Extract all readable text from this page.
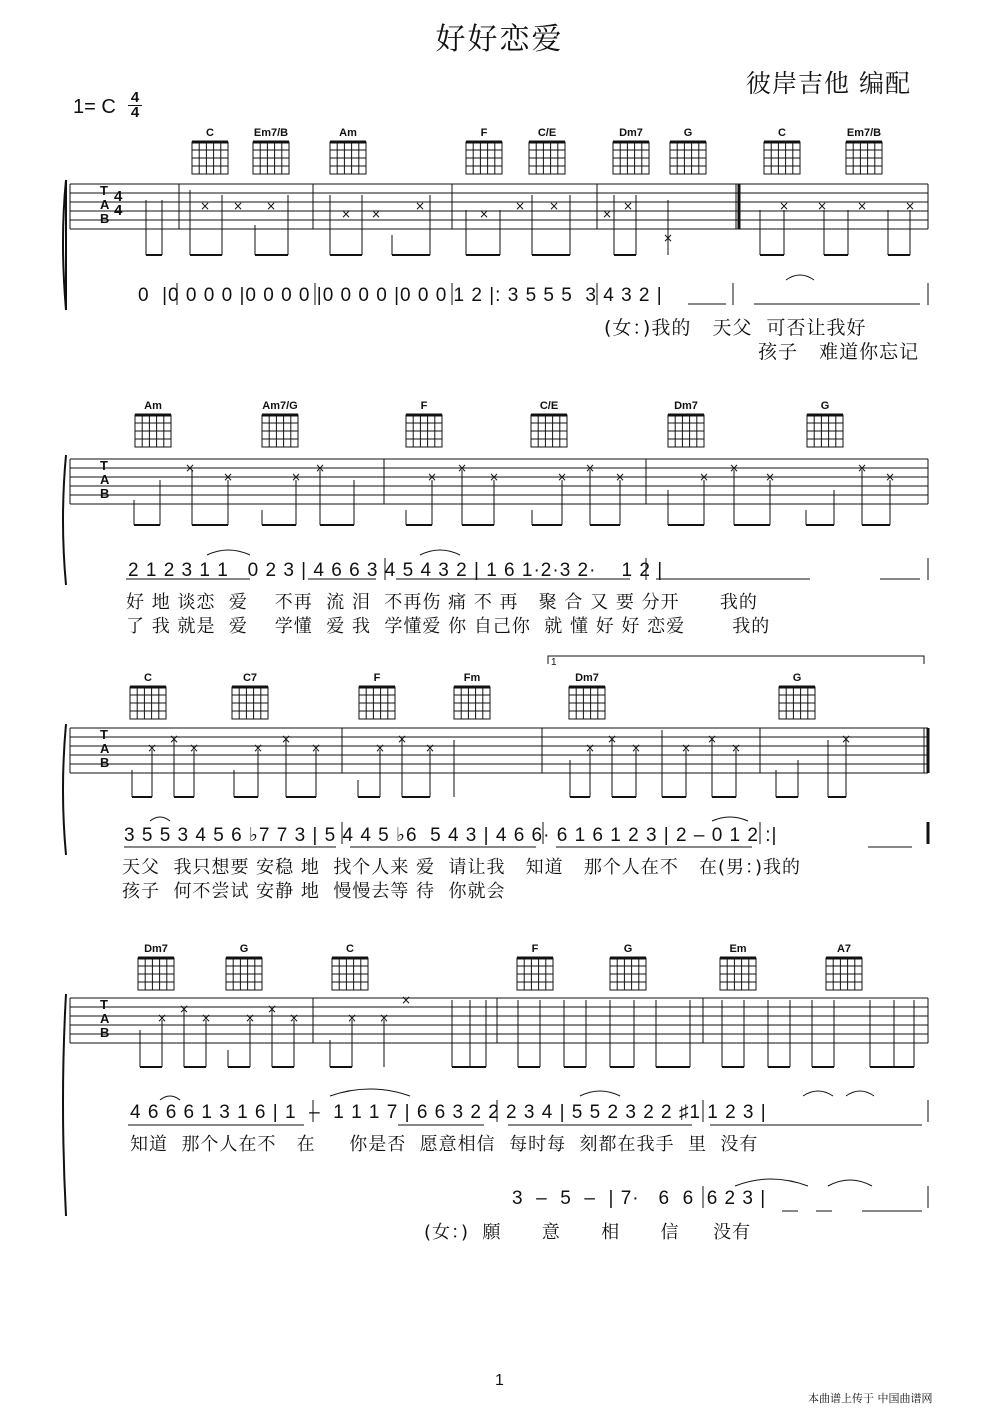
× × ×
× ×
×
×
× ×
×
×
×
× × ×	×
×
×	×
×
×
×
×	×
×
×	×
×
×
×
×
×
×
×	×
×
×	×
×
×	×
×
×	×
×
×
×
×
×
×	×
×
×	× ×
×
好好恋爱
彼岸吉他 编配
1= C 4
4
T
A
B
T
A
B
T
A
B
T
A
B
4
4
C	Em7/B	Am	F	C/E	Dm7	G	C	Em7/B
Am	Am7/G	F	C/E	Dm7	G
C	C7	F	Fm	Dm7	G
1
Dm7	G	C	F	G	Em	A7
0  |0 0 0 0 |0 0 0 0 |0 0 0 0 |0 0 0 1 2 |: 3 5 5 5  3 4 3 2 |
(女：)我的   天父  可否让我好
孩子   难道你忘记
2 1 2 3 1 1   0 2 3 | 4 6 6 3 4 5 4 3 2 | 1 6 1·2·3 2·    1 2 |
好 地 谈恋  爱    不再  流 泪  不再伤 痛 不 再   聚 合 又 要 分开      我的
了 我 就是  爱    学懂  爱 我  学懂爱 你 自己你  就 懂 好 好 恋爱       我的
3 5 5 3 4 5 6 ♭7 7 3 | 5 4 4 5 ♭6  5 4 3 | 4 6 6· 6 1 6 1 2 3 | 2 – 0 1 2 :|
天父  我只想要 安稳 地  找个人来 爱  请让我   知道   那个人在不   在(男：)我的
孩子  何不尝试 安静 地  慢慢去等 待  你就会
4 6 6 6 1 3 1 6 | 1  –  1 1 1 7 | 6 6 3 2 2 2 3 4 | 5 5 2 3 2 2 ♯1 1 2 3 |
知道  那个人在不   在     你是否  愿意相信  每时每  刻都在我手  里  没有
3  –  5  –  | 7·   6  6  6 2 3 |
(女：)  願      意      相      信     没有
1
本曲谱上传于 中国曲谱网
